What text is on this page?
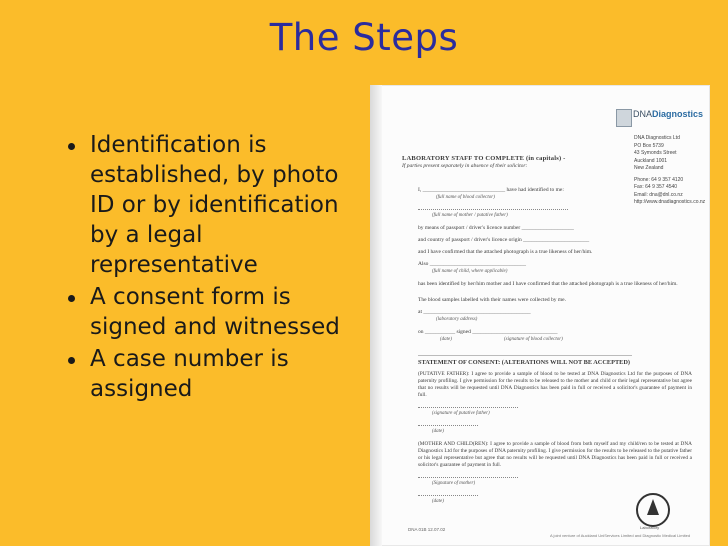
The Steps
Identification is established, by photo ID or by identification by a legal representative
A consent form is signed and witnessed
A case number is assigned
DNADiagnostics
DNA Diagnostics Ltd
PO Box 5739
43 Symonds Street
Auckland 1001
New Zealand
Phone: 64 9 357 4120
Fax: 64 9 357 4540
Email: dna@dnl.co.nz
http://www.dnadiagnostics.co.nz
LABORATORY STAFF TO COMPLETE (in capitals) -
If parties present separately in absence of their solicitor:
I, ______________________________ have had identified to me:
(full name of blood collector)
(full name of mother / putative father)
by means of passport / driver's licence number ___________________
and country of passport / driver's licence origin ________________________
and I have confirmed that the attached photograph is a true likeness of her/him.
Also ___________________________________
(full name of child, where applicable)
has been identified by her/him mother and I have confirmed that the attached photograph is a true likeness of her/him.
The blood samples labelled with their names were collected by me.
at _______________________________________
(laboratory address)
on ___________ signed _______________________________
(date)	(signature of blood collector)
STATEMENT OF CONSENT: (ALTERATIONS WILL NOT BE ACCEPTED)
(PUTATIVE FATHER): I agree to provide a sample of blood to be tested at DNA Diagnostics Ltd for the purposes of DNA paternity profiling. I give permission for the results to be released to the mother and child or their legal representative but agree that no results will be requested until DNA Diagnostics has been paid in full or received a solicitor's guarantee of payment in full.
(signature of putative father)
(date)
(MOTHER AND CHILD(REN): I agree to provide a sample of blood from both myself and my child/ren to be tested at DNA Diagnostics Ltd for the purposes of DNA paternity profiling. I give permission for the results to be released to the putative father or his legal representative but agree that no results will be requested until DNA Diagnostics has been paid in full or received a solicitor's guarantee of payment in full.
(Signature of mother)
(date)
Laboratory
DNA 01B 12.07.02
A joint venture of Auckland UniServices Limited and Diagnostic Medical Limited
